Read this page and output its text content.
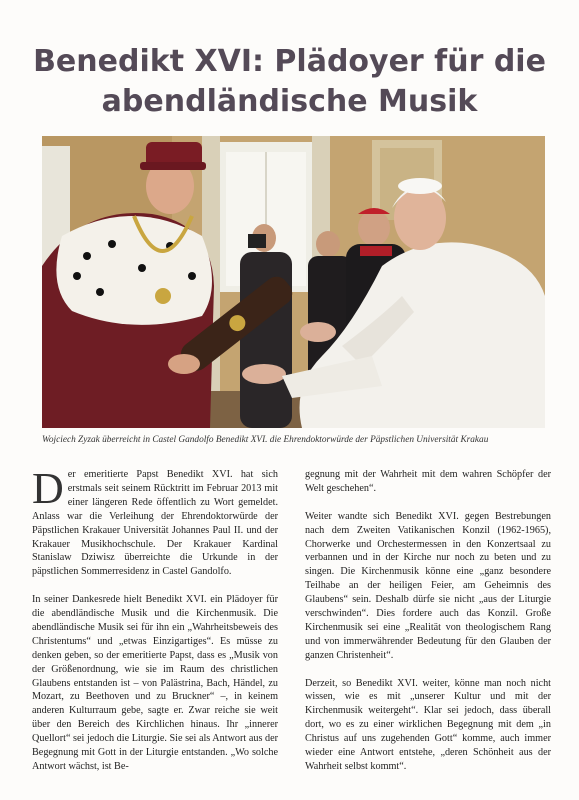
Benedikt XVI: Plädoyer für die
abendländische Musik

Wojciech Zyzak überreicht in Castel Gandolfo Benedikt XVI. die Ehrendoktorwürde der Päpstlichen Universität Krakau

D er emeritierte Papst Benedikt XVI. hat sich erstmals seit seinem Rücktritt im Februar 2013 mit einer längeren Rede öffentlich zu Wort gemeldet. Anlass war die Verleihung der Ehrendoktorwürde der Päpstlichen Krakauer Universität Johannes Paul II. und der Krakauer Musikhochschule. Der Krakauer Kardinal Stanislaw Dziwisz überreichte die Urkunde in der päpstlichen Sommerresidenz in Castel Gandolfo.

In seiner Dankesrede hielt Benedikt XVI. ein Plädoyer für die abendländische Musik und die Kirchenmusik. Die abendländische Musik sei für ihn ein „Wahrheitsbeweis des Christentums“ und „etwas Einzigartiges“. Es müsse zu denken geben, so der emeritierte Papst, dass es „Musik von der Größenordnung, wie sie im Raum des christlichen Glaubens entstanden ist – von Palästrina, Bach, Händel, zu Mozart, zu Beethoven und zu Bruckner“ –, in keinem anderen Kulturraum gebe, sagte er. Zwar reiche sie weit über den Bereich des Kirchlichen hinaus. Ihr „innerer Quellort“ sei jedoch die Liturgie. Sie sei als Antwort aus der Begegnung mit Gott in der Liturgie entstanden. „Wo solche Antwort wächst, ist Be-

gegnung mit der Wahrheit mit dem wahren Schöpfer der Welt geschehen“.

Weiter wandte sich Benedikt XVI. gegen Bestrebungen nach dem Zweiten Vatikanischen Konzil (1962-1965), Chorwerke und Orchestermessen in den Konzertsaal zu verbannen und in der Kirche nur noch zu beten und zu singen. Die Kirchenmusik könne eine „ganz besondere Teilhabe an der heiligen Feier, am Geheimnis des Glaubens“ sein. Deshalb dürfe sie nicht „aus der Liturgie verschwinden“. Dies fordere auch das Konzil. Große Kirchenmusik sei eine „Realität von theologischem Rang und von immerwährender Bedeutung für den Glauben der ganzen Christenheit“.

Derzeit, so Benedikt XVI. weiter, könne man noch nicht wissen, wie es mit „unserer Kultur und mit der Kirchenmusik weitergeht“. Klar sei jedoch, dass überall dort, wo es zu einer wirklichen Begegnung mit dem „in Christus auf uns zugehenden Gott“ komme, auch immer wieder eine Antwort entstehe, „deren Schönheit aus der Wahrheit selbst kommt“.
